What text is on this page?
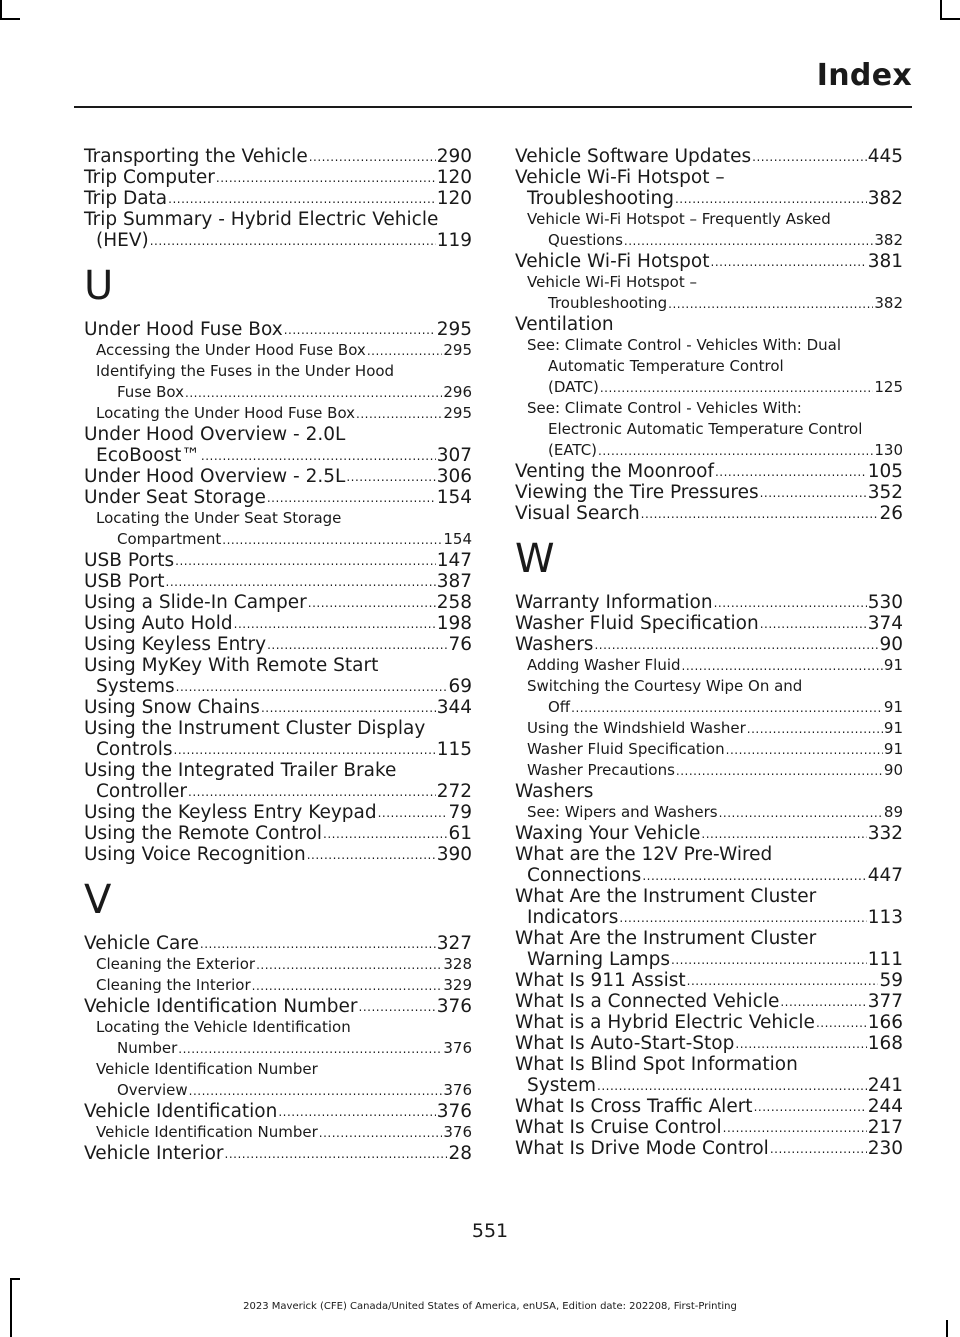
Index
Transporting the Vehicle .....	290
Trip Computer .....	120
Trip Data .....	120
Trip Summary - Hybrid Electric Vehicle
(HEV) .....	119
U
Under Hood Fuse Box .....	295
Accessing the Under Hood Fuse Box .....	295
Identifying the Fuses in the Under Hood
Fuse Box .....	296
Locating the Under Hood Fuse Box .....	295
Under Hood Overview - 2.0L
EcoBoost™ .....	307
Under Hood Overview - 2.5L .....	306
Under Seat Storage .....	154
Locating the Under Seat Storage
Compartment .....	154
USB Ports .....	147
USB Port .....	387
Using a Slide-In Camper .....	258
Using Auto Hold .....	198
Using Keyless Entry .....	76
Using MyKey With Remote Start
Systems .....	69
Using Snow Chains .....	344
Using the Instrument Cluster Display
Controls .....	115
Using the Integrated Trailer Brake
Controller .....	272
Using the Keyless Entry Keypad .....	79
Using the Remote Control .....	61
Using Voice Recognition .....	390
V
Vehicle Care .....	327
Cleaning the Exterior .....	328
Cleaning the Interior .....	329
Vehicle Identification Number .....	376
Locating the Vehicle Identification
Number .....	376
Vehicle Identification Number
Overview .....	376
Vehicle Identification .....	376
Vehicle Identification Number .....	376
Vehicle Interior .....	28
Vehicle Software Updates .....	445
Vehicle Wi-Fi Hotspot –
Troubleshooting .....	382
Vehicle Wi-Fi Hotspot – Frequently Asked
Questions .....	382
Vehicle Wi-Fi Hotspot .....	381
Vehicle Wi-Fi Hotspot –
Troubleshooting .....	382
Ventilation
See: Climate Control - Vehicles With: Dual
Automatic Temperature Control
(DATC) .....	125
See: Climate Control - Vehicles With:
Electronic Automatic Temperature Control
(EATC) .....	130
Venting the Moonroof .....	105
Viewing the Tire Pressures .....	352
Visual Search .....	26
W
Warranty Information .....	530
Washer Fluid Specification .....	374
Washers .....	90
Adding Washer Fluid .....	91
Switching the Courtesy Wipe On and
Off .....	91
Using the Windshield Washer .....	91
Washer Fluid Specification .....	91
Washer Precautions .....	90
Washers
See: Wipers and Washers .....	89
Waxing Your Vehicle .....	332
What are the 12V Pre-Wired
Connections .....	447
What Are the Instrument Cluster
Indicators .....	113
What Are the Instrument Cluster
Warning Lamps .....	111
What Is 911 Assist .....	59
What Is a Connected Vehicle .....	377
What is a Hybrid Electric Vehicle .....	166
What Is Auto-Start-Stop .....	168
What Is Blind Spot Information
System .....	241
What Is Cross Traffic Alert .....	244
What Is Cruise Control .....	217
What Is Drive Mode Control .....	230
551
2023 Maverick (CFE) Canada/United States of America, enUSA, Edition date: 202208, First-Printing
